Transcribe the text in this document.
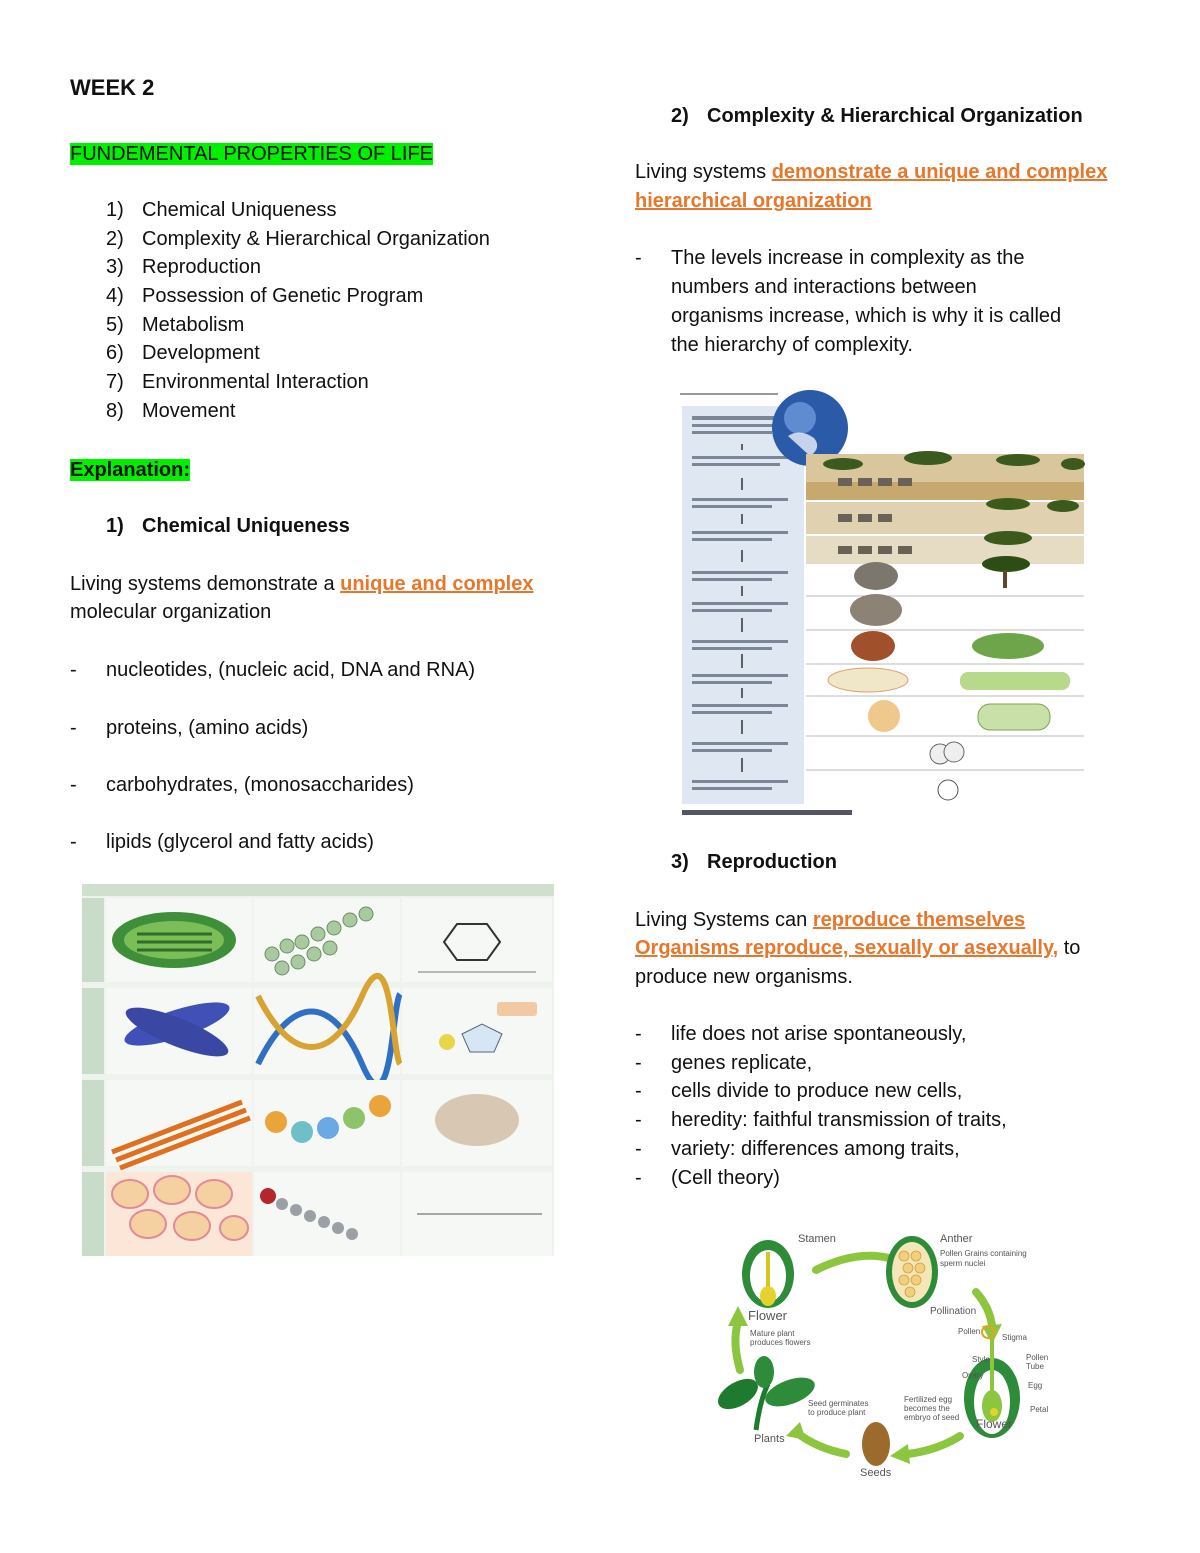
WEEK 2
FUNDEMENTAL PROPERTIES OF LIFE
1) Chemical Uniqueness
2) Complexity & Hierarchical Organization
3) Reproduction
4) Possession of Genetic Program
5) Metabolism
6) Development
7) Environmental Interaction
8) Movement
Explanation:
1) Chemical Uniqueness
Living systems demonstrate a unique and complex
molecular organization
- nucleotides, (nucleic acid, DNA and RNA)
- proteins, (amino acids)
- carbohydrates, (monosaccharides)
- lipids (glycerol and fatty acids)
2) Complexity & Hierarchical Organization
Living systems demonstrate a unique and complex
hierarchical organization
- The levels increase in complexity as the
numbers and interactions between
organisms increase, which is why it is called
the hierarchy of complexity.
3) Reproduction
Living Systems can reproduce themselves
Organisms reproduce, sexually or asexually, to
produce new organisms.
- life does not arise spontaneously,
- genes replicate,
- cells divide to produce new cells,
- heredity: faithful transmission of traits,
- variety: differences among traits,
- (Cell theory)
Stamen	Anther
Pollen Grains containing
sperm nuclei
Flower	Pollination
Pollen
Stigma
Style	Pollen
Tube
Ovary
Egg
Petal
Mature plant
produces flowers
Seed germinates
to produce plant
Fertilized egg
becomes the
embryo of seed Flower
Plants
Seeds
